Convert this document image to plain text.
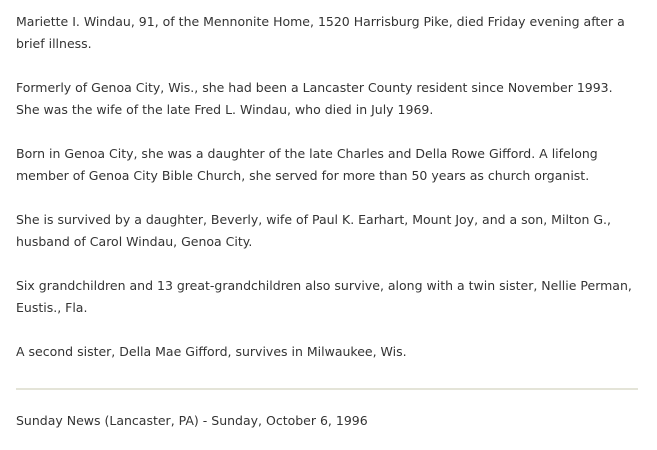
Mariette I. Windau, 91, of the Mennonite Home, 1520 Harrisburg Pike, died Friday evening after a brief illness.

Formerly of Genoa City, Wis., she had been a Lancaster County resident since November 1993. She was the wife of the late Fred L. Windau, who died in July 1969.

Born in Genoa City, she was a daughter of the late Charles and Della Rowe Gifford. A lifelong member of Genoa City Bible Church, she served for more than 50 years as church organist.

She is survived by a daughter, Beverly, wife of Paul K. Earhart, Mount Joy, and a son, Milton G., husband of Carol Windau, Genoa City.

Six grandchildren and 13 great-grandchildren also survive, along with a twin sister, Nellie Perman, Eustis., Fla.

A second sister, Della Mae Gifford, survives in Milwaukee, Wis.

Sunday News (Lancaster, PA) - Sunday, October 6, 1996
